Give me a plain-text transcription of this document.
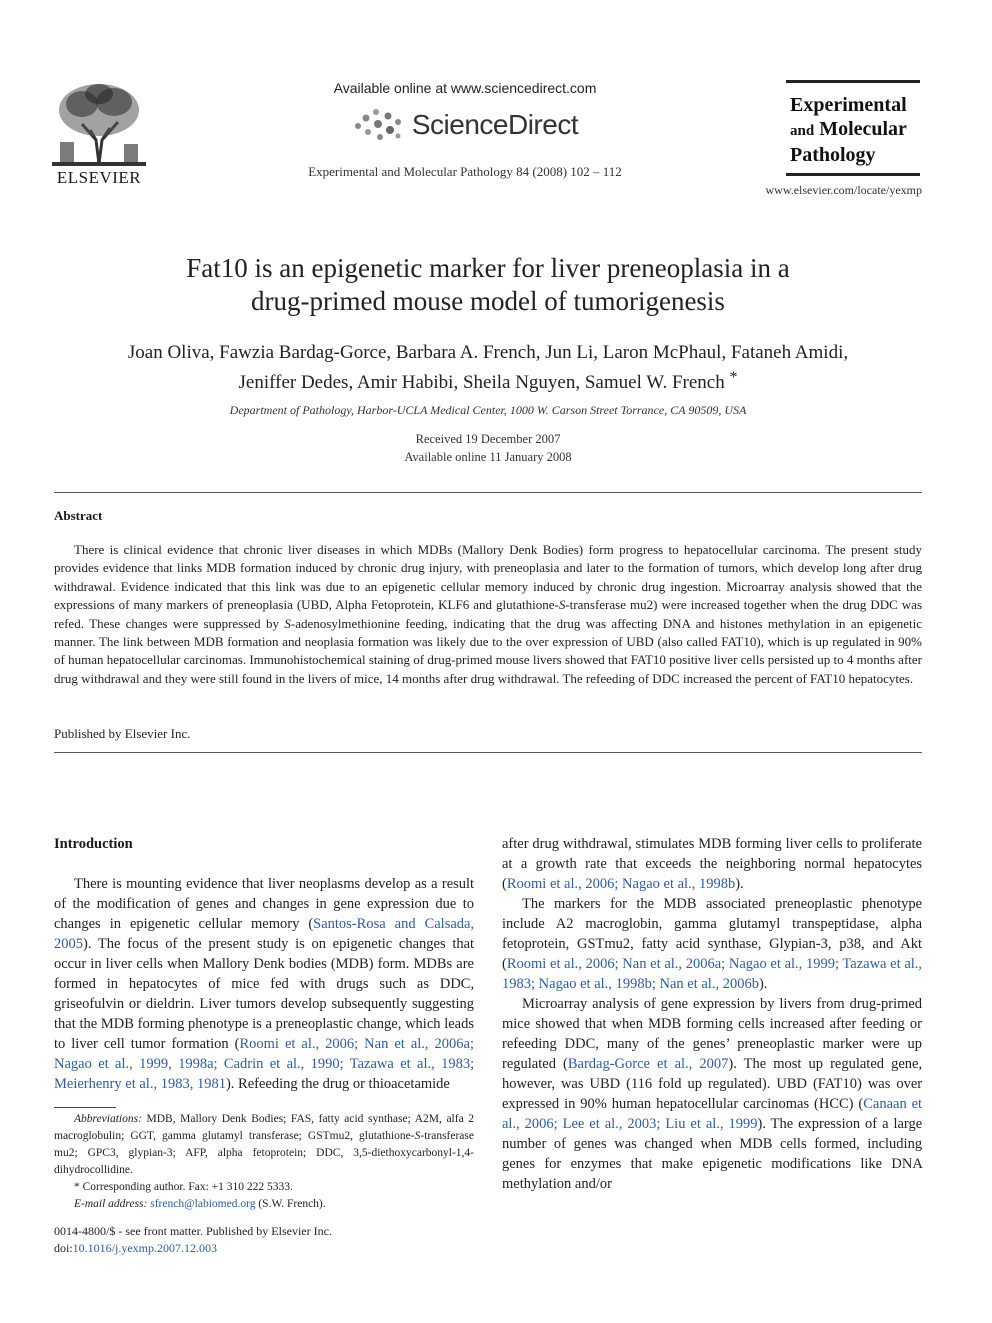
ELSEVIER
Available online at www.sciencedirect.com
ScienceDirect
Experimental and Molecular Pathology 84 (2008) 102 – 112
Experimental
and Molecular
Pathology
www.elsevier.com/locate/yexmp
Fat10 is an epigenetic marker for liver preneoplasia in a
drug-primed mouse model of tumorigenesis
Joan Oliva, Fawzia Bardag-Gorce, Barbara A. French, Jun Li, Laron McPhaul, Fataneh Amidi,
Jeniffer Dedes, Amir Habibi, Sheila Nguyen, Samuel W. French *
Department of Pathology, Harbor-UCLA Medical Center, 1000 W. Carson Street Torrance, CA 90509, USA
Received 19 December 2007
Available online 11 January 2008
Abstract
There is clinical evidence that chronic liver diseases in which MDBs (Mallory Denk Bodies) form progress to hepatocellular carcinoma. The present study provides evidence that links MDB formation induced by chronic drug injury, with preneoplasia and later to the formation of tumors, which develop long after drug withdrawal. Evidence indicated that this link was due to an epigenetic cellular memory induced by chronic drug ingestion. Microarray analysis showed that the expressions of many markers of preneoplasia (UBD, Alpha Fetoprotein, KLF6 and glutathione-S-transferase mu2) were increased together when the drug DDC was refed. These changes were suppressed by S-adenosylmethionine feeding, indicating that the drug was affecting DNA and histones methylation in an epigenetic manner. The link between MDB formation and neoplasia formation was likely due to the over expression of UBD (also called FAT10), which is up regulated in 90% of human hepatocellular carcinomas. Immunohistochemical staining of drug-primed mouse livers showed that FAT10 positive liver cells persisted up to 4 months after drug withdrawal and they were still found in the livers of mice, 14 months after drug withdrawal. The refeeding of DDC increased the percent of FAT10 hepatocytes.
Published by Elsevier Inc.
Introduction

There is mounting evidence that liver neoplasms develop as a result of the modification of genes and changes in gene expression due to changes in epigenetic cellular memory (Santos-Rosa and Calsada, 2005). The focus of the present study is on epigenetic changes that occur in liver cells when Mallory Denk bodies (MDB) form. MDBs are formed in hepatocytes of mice fed with drugs such as DDC, griseofulvin or dieldrin. Liver tumors develop subsequently suggesting that the MDB forming phenotype is a preneoplastic change, which leads to liver cell tumor formation (Roomi et al., 2006; Nan et al., 2006a; Nagao et al., 1999, 1998a; Cadrin et al., 1990; Tazawa et al., 1983; Meierhenry et al., 1983, 1981). Refeeding the drug or thioacetamide

after drug withdrawal, stimulates MDB forming liver cells to proliferate at a growth rate that exceeds the neighboring normal hepatocytes (Roomi et al., 2006; Nagao et al., 1998b).

The markers for the MDB associated preneoplastic phenotype include A2 macroglobin, gamma glutamyl transpeptidase, alpha fetoprotein, GSTmu2, fatty acid synthase, Glypian-3, p38, and Akt (Roomi et al., 2006; Nan et al., 2006a; Nagao et al., 1999; Tazawa et al., 1983; Nagao et al., 1998b; Nan et al., 2006b).

Microarray analysis of gene expression by livers from drug-primed mice showed that when MDB forming cells increased after feeding or refeeding DDC, many of the genes’ preneoplastic marker were up regulated (Bardag-Gorce et al., 2007). The most up regulated gene, however, was UBD (116 fold up regulated). UBD (FAT10) was over expressed in 90% human hepatocellular carcinomas (HCC) (Canaan et al., 2006; Lee et al., 2003; Liu et al., 1999). The expression of a large number of genes was changed when MDB cells formed, including genes for enzymes that make epigenetic modifications like DNA methylation and/or

Abbreviations: MDB, Mallory Denk Bodies; FAS, fatty acid synthase; A2M, alfa 2 macroglobulin; GGT, gamma glutamyl transferase; GSTmu2, glutathione-S-transferase mu2; GPC3, glypian-3; AFP, alpha fetoprotein; DDC, 3,5-diethoxycarbonyl-1,4-dihydrocollidine.

* Corresponding author. Fax: +1 310 222 5333.

E-mail address: sfrench@labiomed.org (S.W. French).

0014-4800/$ - see front matter. Published by Elsevier Inc.
doi:10.1016/j.yexmp.2007.12.003
